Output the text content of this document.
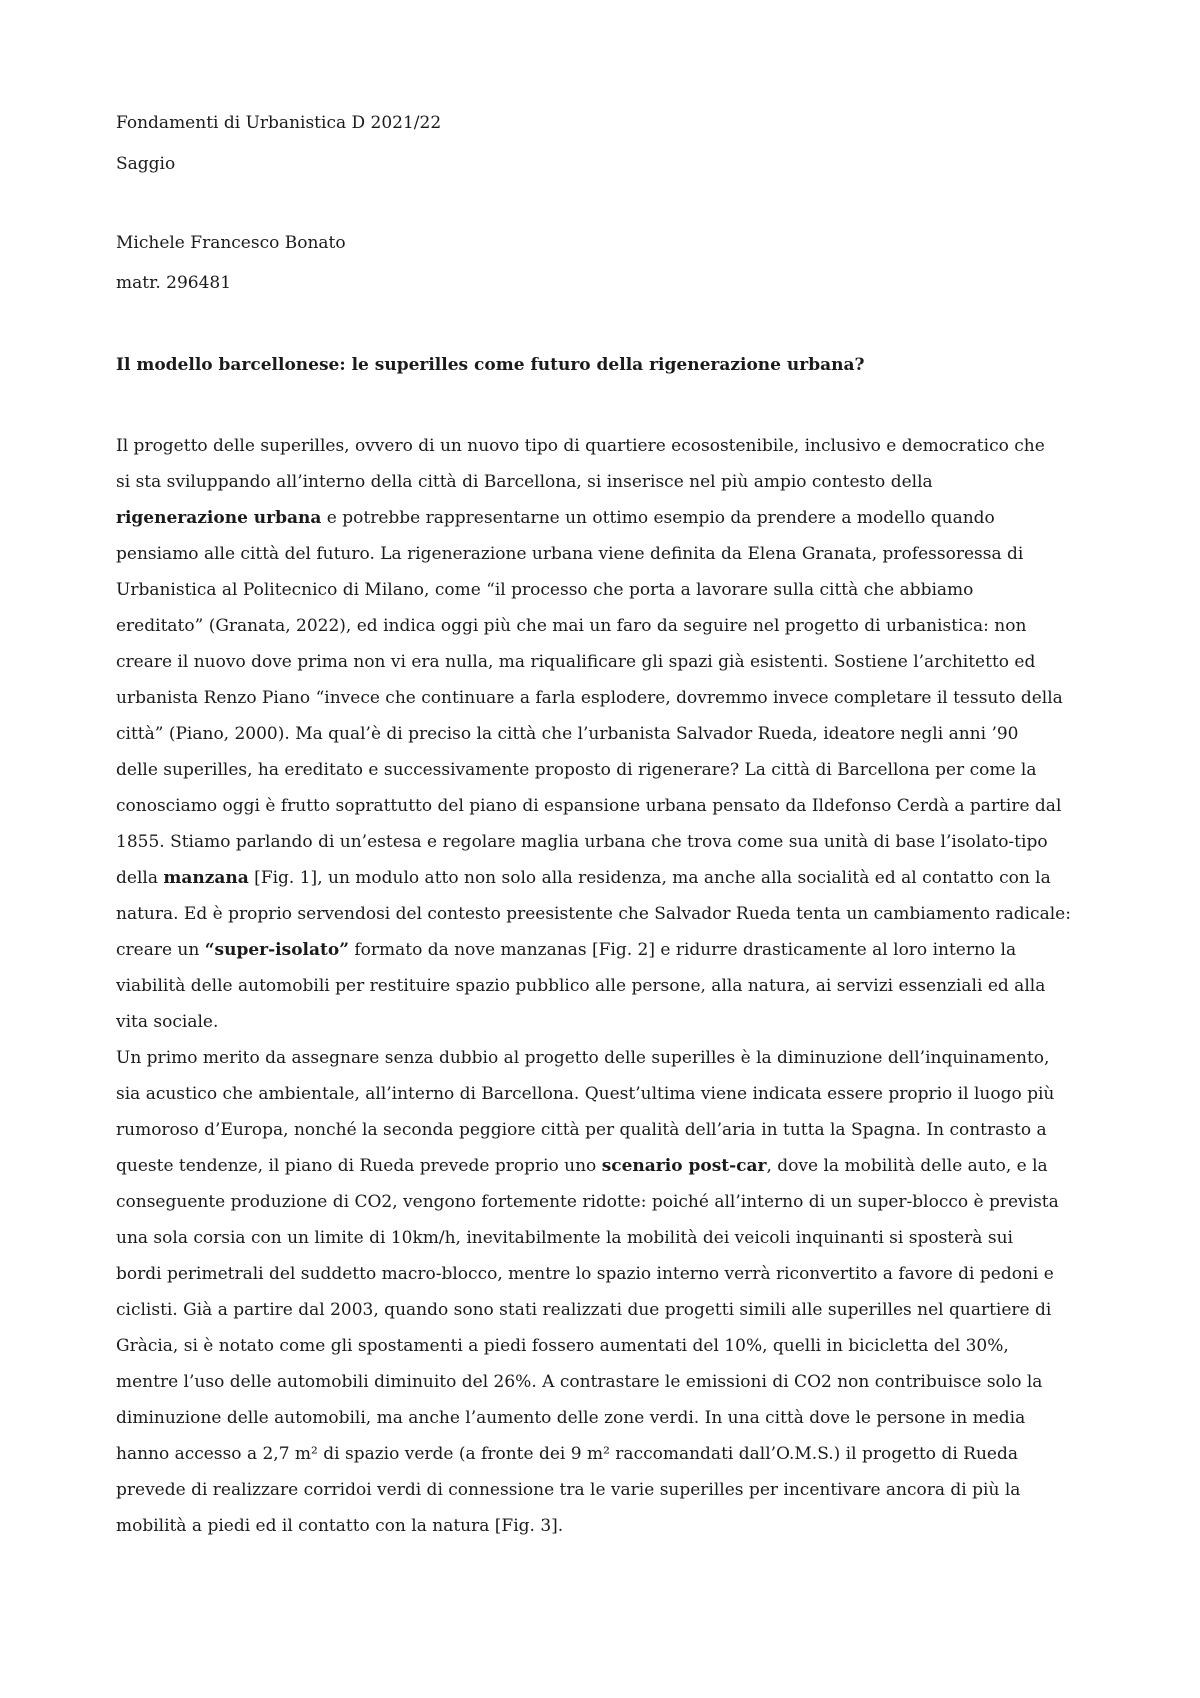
Fondamenti di Urbanistica D 2021/22
Saggio
Michele Francesco Bonato
matr. 296481
Il modello barcellonese: le superilles come futuro della rigenerazione urbana?
Il progetto delle superilles, ovvero di un nuovo tipo di quartiere ecosostenibile, inclusivo e democratico che
si sta sviluppando all’interno della città di Barcellona, si inserisce nel più ampio contesto della
rigenerazione urbana e potrebbe rappresentarne un ottimo esempio da prendere a modello quando
pensiamo alle città del futuro. La rigenerazione urbana viene definita da Elena Granata, professoressa di
Urbanistica al Politecnico di Milano, come “il processo che porta a lavorare sulla città che abbiamo
ereditato” (Granata, 2022), ed indica oggi più che mai un faro da seguire nel progetto di urbanistica: non
creare il nuovo dove prima non vi era nulla, ma riqualificare gli spazi già esistenti. Sostiene l’architetto ed
urbanista Renzo Piano “invece che continuare a farla esplodere, dovremmo invece completare il tessuto della
città” (Piano, 2000). Ma qual’è di preciso la città che l’urbanista Salvador Rueda, ideatore negli anni ’90
delle superilles, ha ereditato e successivamente proposto di rigenerare? La città di Barcellona per come la
conosciamo oggi è frutto soprattutto del piano di espansione urbana pensato da Ildefonso Cerdà a partire dal
1855. Stiamo parlando di un’estesa e regolare maglia urbana che trova come sua unità di base l’isolato-tipo
della manzana [Fig. 1], un modulo atto non solo alla residenza, ma anche alla socialità ed al contatto con la
natura. Ed è proprio servendosi del contesto preesistente che Salvador Rueda tenta un cambiamento radicale:
creare un “super-isolato” formato da nove manzanas [Fig. 2] e ridurre drasticamente al loro interno la
viabilità delle automobili per restituire spazio pubblico alle persone, alla natura, ai servizi essenziali ed alla
vita sociale.
Un primo merito da assegnare senza dubbio al progetto delle superilles è la diminuzione dell’inquinamento,
sia acustico che ambientale, all’interno di Barcellona. Quest’ultima viene indicata essere proprio il luogo più
rumoroso d’Europa, nonché la seconda peggiore città per qualità dell’aria in tutta la Spagna. In contrasto a
queste tendenze, il piano di Rueda prevede proprio uno scenario post-car, dove la mobilità delle auto, e la
conseguente produzione di CO2, vengono fortemente ridotte: poiché all’interno di un super-blocco è prevista
una sola corsia con un limite di 10km/h, inevitabilmente la mobilità dei veicoli inquinanti si sposterà sui
bordi perimetrali del suddetto macro-blocco, mentre lo spazio interno verrà riconvertito a favore di pedoni e
ciclisti. Già a partire dal 2003, quando sono stati realizzati due progetti simili alle superilles nel quartiere di
Gràcia, si è notato come gli spostamenti a piedi fossero aumentati del 10%, quelli in bicicletta del 30%,
mentre l’uso delle automobili diminuito del 26%. A contrastare le emissioni di CO2 non contribuisce solo la
diminuzione delle automobili, ma anche l’aumento delle zone verdi. In una città dove le persone in media
hanno accesso a 2,7 m² di spazio verde (a fronte dei 9 m² raccomandati dall’O.M.S.) il progetto di Rueda
prevede di realizzare corridoi verdi di connessione tra le varie superilles per incentivare ancora di più la
mobilità a piedi ed il contatto con la natura [Fig. 3].
